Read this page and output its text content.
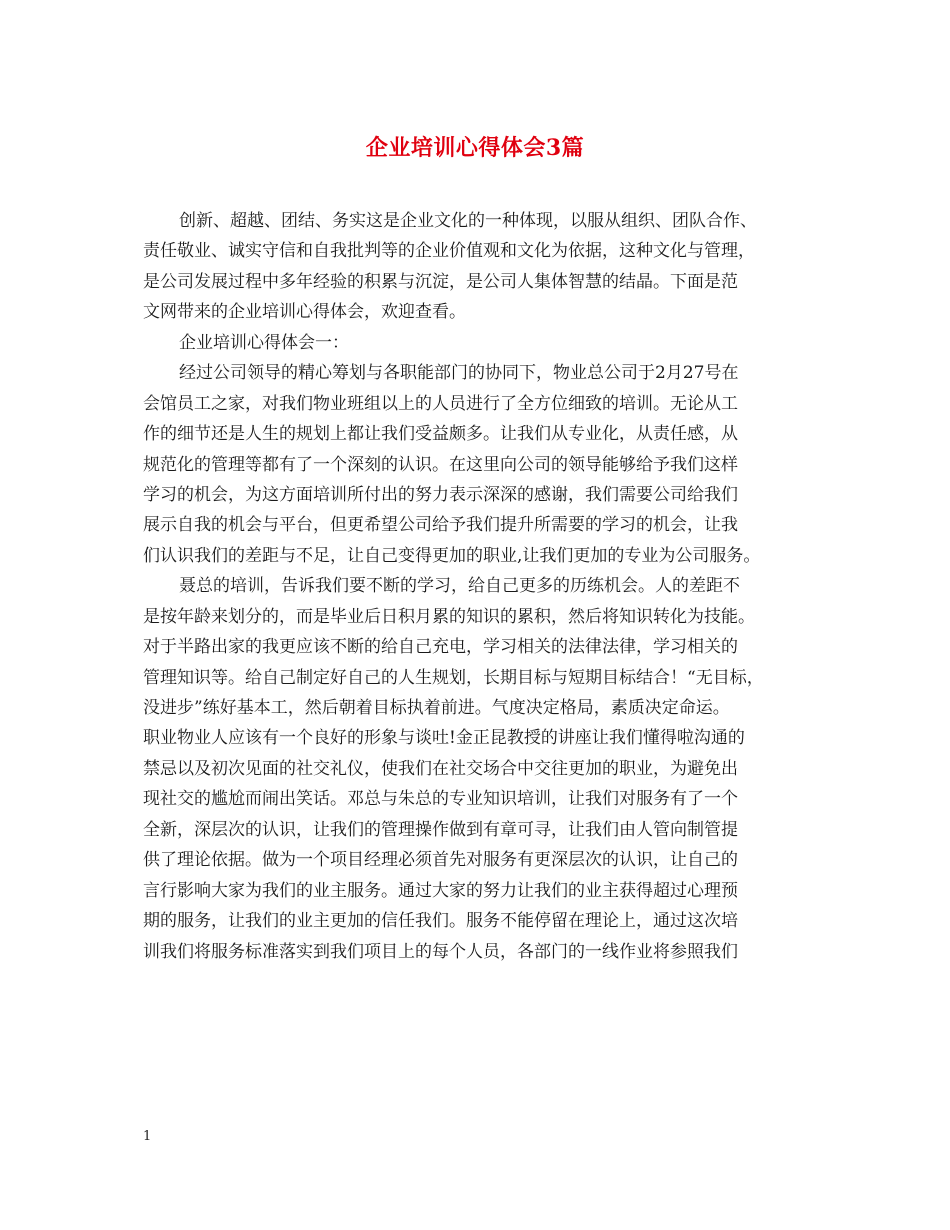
企业培训心得体会3篇
创新、超越、团结、务实这是企业文化的一种体现，以服从组织、团队合作、
责任敬业、诚实守信和自我批判等的企业价值观和文化为依据，这种文化与管理，
是公司发展过程中多年经验的积累与沉淀，是公司人集体智慧的结晶。下面是范
文网带来的企业培训心得体会，欢迎查看。
企业培训心得体会一：
经过公司领导的精心筹划与各职能部门的协同下，物业总公司于2月27号在
会馆员工之家，对我们物业班组以上的人员进行了全方位细致的培训。无论从工
作的细节还是人生的规划上都让我们受益颇多。让我们从专业化，从责任感，从
规范化的管理等都有了一个深刻的认识。在这里向公司的领导能够给予我们这样
学习的机会，为这方面培训所付出的努力表示深深的感谢，我们需要公司给我们
展示自我的机会与平台，但更希望公司给予我们提升所需要的学习的机会，让我
们认识我们的差距与不足，让自己变得更加的职业,让我们更加的专业为公司服务。
聂总的培训，告诉我们要不断的学习，给自己更多的历练机会。人的差距不
是按年龄来划分的，而是毕业后日积月累的知识的累积，然后将知识转化为技能。
对于半路出家的我更应该不断的给自己充电，学习相关的法律法律，学习相关的
管理知识等。给自己制定好自己的人生规划，长期目标与短期目标结合！“无目标，
没进步”练好基本工，然后朝着目标执着前进。气度决定格局，素质决定命运。
职业物业人应该有一个良好的形象与谈吐!金正昆教授的讲座让我们懂得啦沟通的
禁忌以及初次见面的社交礼仪，使我们在社交场合中交往更加的职业，为避免出
现社交的尴尬而闹出笑话。邓总与朱总的专业知识培训，让我们对服务有了一个
全新，深层次的认识，让我们的管理操作做到有章可寻，让我们由人管向制管提
供了理论依据。做为一个项目经理必须首先对服务有更深层次的认识，让自己的
言行影响大家为我们的业主服务。通过大家的努力让我们的业主获得超过心理预
期的服务，让我们的业主更加的信任我们。服务不能停留在理论上，通过这次培
训我们将服务标准落实到我们项目上的每个人员，各部门的一线作业将参照我们
1
